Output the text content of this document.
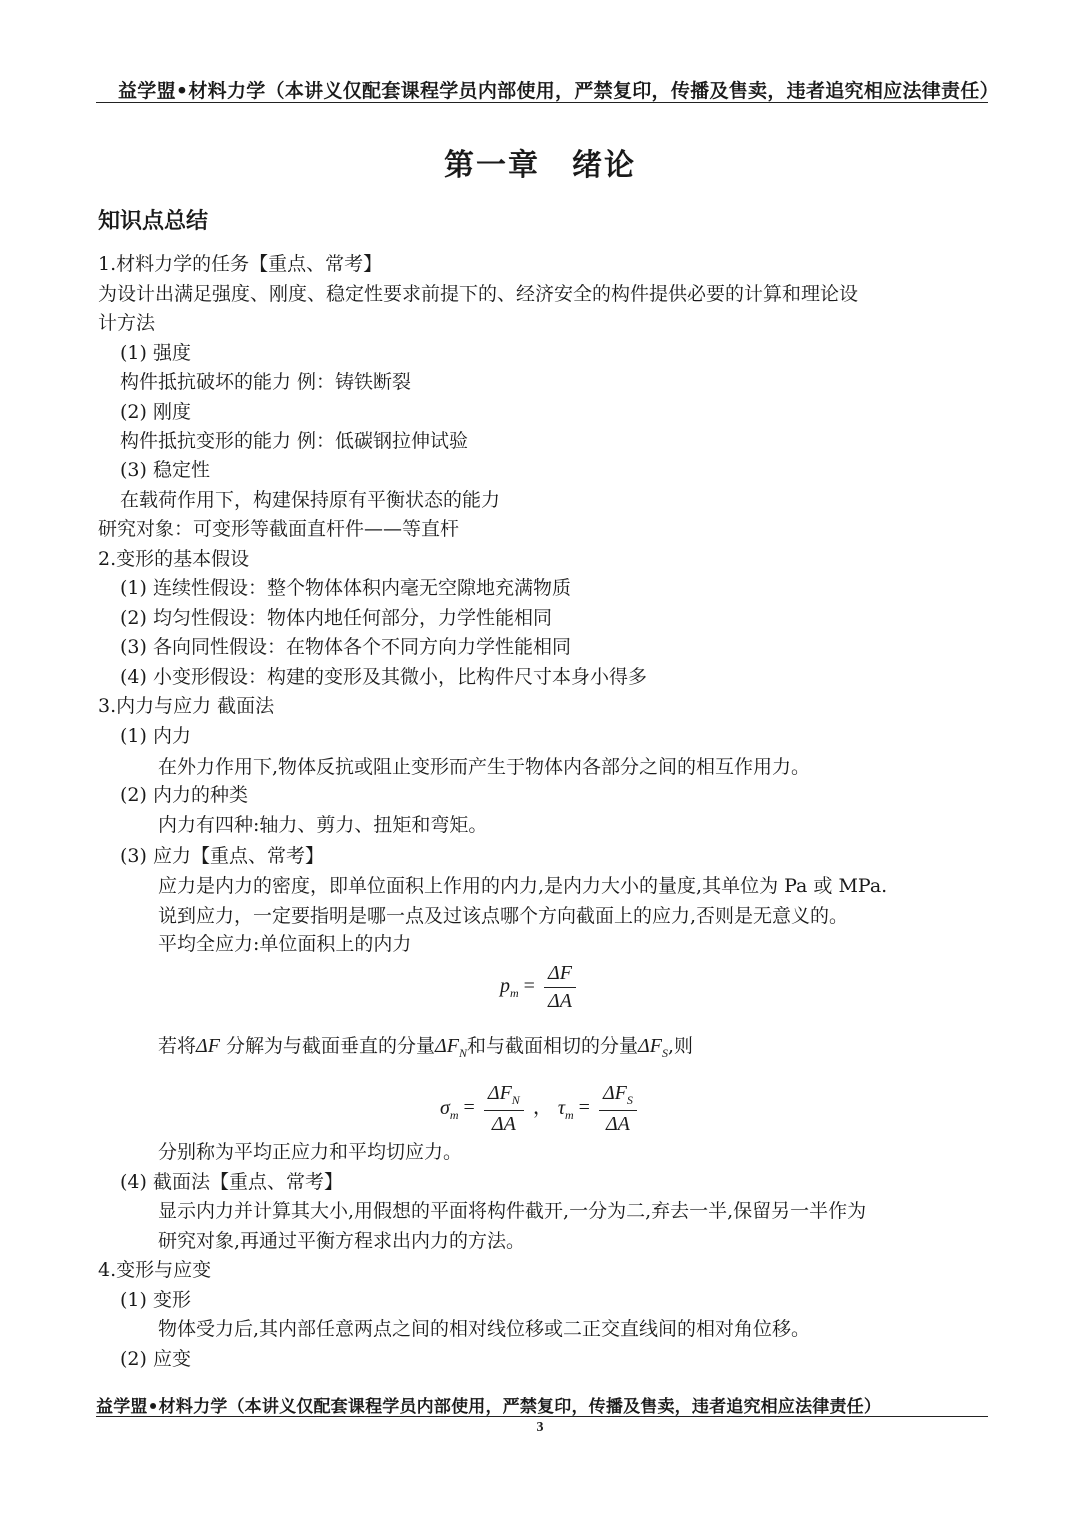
益学盟•材料力学（本讲义仅配套课程学员内部使用，严禁复印，传播及售卖，违者追究相应法律责任）
第一章 绪论
知识点总结
1.材料力学的任务【重点、常考】
为设计出满足强度、刚度、稳定性要求前提下的、经济安全的构件提供必要的计算和理论设
计方法
(1) 强度
构件抵抗破坏的能力 例：铸铁断裂
(2) 刚度
构件抵抗变形的能力 例：低碳钢拉伸试验
(3) 稳定性
在载荷作用下，构建保持原有平衡状态的能力
研究对象：可变形等截面直杆件——等直杆
2.变形的基本假设
(1) 连续性假设：整个物体体积内毫无空隙地充满物质
(2) 均匀性假设：物体内地任何部分，力学性能相同
(3) 各向同性假设：在物体各个不同方向力学性能相同
(4) 小变形假设：构建的变形及其微小，比构件尺寸本身小得多
3.内力与应力 截面法
(1) 内力
在外力作用下,物体反抗或阻止变形而产生于物体内各部分之间的相互作用力。
(2) 内力的种类
内力有四种:轴力、剪力、扭矩和弯矩。
(3) 应力【重点、常考】
应力是内力的密度，即单位面积上作用的内力,是内力大小的量度,其单位为 Pa 或 MPa.
说到应力，一定要指明是哪一点及过该点哪个方向截面上的应力,否则是无意义的。
平均全应力:单位面积上的内力
$p_m = \frac{\Delta F}{\Delta A}$
若将ΔF 分解为与截面垂直的分量$\Delta F_N$和与截面相切的分量$\Delta F_S$,则
$\sigma_m = \frac{\Delta F_N}{\Delta A}$ ， $\tau_m = \frac{\Delta F_S}{\Delta A}$
分别称为平均正应力和平均切应力。
(4) 截面法【重点、常考】
显示内力并计算其大小,用假想的平面将构件截开,一分为二,弃去一半,保留另一半作为
研究对象,再通过平衡方程求出内力的方法。
4.变形与应变
(1) 变形
物体受力后,其内部任意两点之间的相对线位移或二正交直线间的相对角位移。
(2) 应变
益学盟•材料力学（本讲义仅配套课程学员内部使用，严禁复印，传播及售卖，违者追究相应法律责任）
3
